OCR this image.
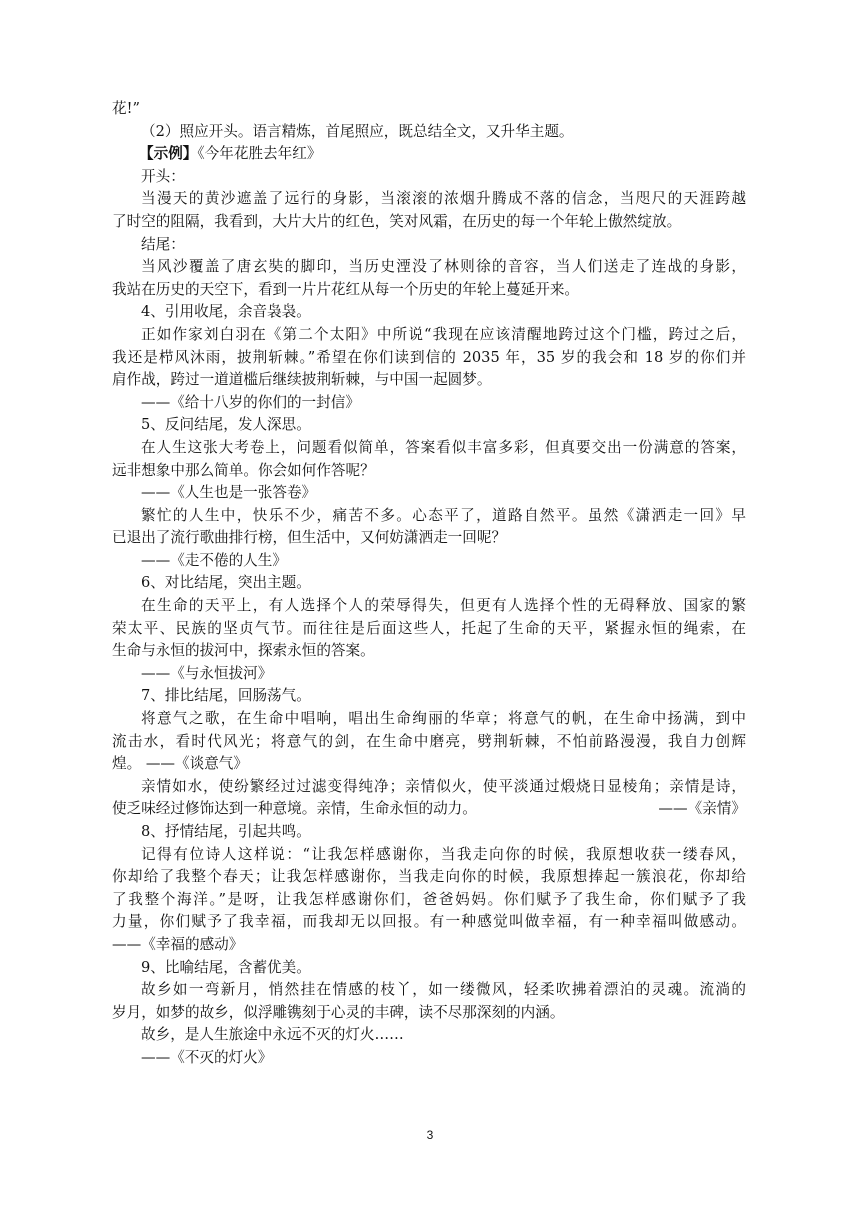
花!”
（2）照应开头。语言精炼，首尾照应，既总结全文，又升华主题。
【示例】《今年花胜去年红》
开头：
当漫天的黄沙遮盖了远行的身影，当滚滚的浓烟升腾成不落的信念，当咫尺的天涯跨越
了时空的阻隔，我看到，大片大片的红色，笑对风霜，在历史的每一个年轮上傲然绽放。
结尾：
当风沙覆盖了唐玄奘的脚印，当历史湮没了林则徐的音容，当人们送走了连战的身影，
我站在历史的天空下，看到一片片花红从每一个历史的年轮上蔓延开来。
4、引用收尾，余音袅袅。
正如作家刘白羽在《第二个太阳》中所说“我现在应该清醒地跨过这个门槛，跨过之后，
我还是栉风沐雨，披荆斩棘。”希望在你们读到信的 2035 年，35 岁的我会和 18 岁的你们并
肩作战，跨过一道道槛后继续披荆斩棘，与中国一起圆梦。
——《给十八岁的你们的一封信》
5、反问结尾，发人深思。
在人生这张大考卷上，问题看似简单，答案看似丰富多彩，但真要交出一份满意的答案，
远非想象中那么简单。你会如何作答呢？
——《人生也是一张答卷》
繁忙的人生中，快乐不少，痛苦不多。心态平了，道路自然平。虽然《潇洒走一回》早
已退出了流行歌曲排行榜，但生活中，又何妨潇洒走一回呢？
——《走不倦的人生》
6、对比结尾，突出主题。
在生命的天平上，有人选择个人的荣辱得失，但更有人选择个性的无碍释放、国家的繁
荣太平、民族的坚贞气节。而往往是后面这些人，托起了生命的天平，紧握永恒的绳索，在
生命与永恒的拔河中，探索永恒的答案。
——《与永恒拔河》
7、排比结尾，回肠荡气。
将意气之歌，在生命中唱响，唱出生命绚丽的华章；将意气的帆，在生命中扬满，到中
流击水，看时代风光；将意气的剑，在生命中磨亮，劈荆斩棘，不怕前路漫漫，我自力创辉
煌。 ——《谈意气》
亲情如水，使纷繁经过过滤变得纯净；亲情似火，使平淡通过煅烧日显棱角；亲情是诗，
使乏味经过修饰达到一种意境。亲情，生命永恒的动力。	——《亲情》
8、抒情结尾，引起共鸣。
记得有位诗人这样说：“让我怎样感谢你，当我走向你的时候，我原想收获一缕春风，
你却给了我整个春天；让我怎样感谢你，当我走向你的时候，我原想捧起一簇浪花，你却给
了我整个海洋。”是呀，让我怎样感谢你们，爸爸妈妈。你们赋予了我生命，你们赋予了我
力量，你们赋予了我幸福，而我却无以回报。有一种感觉叫做幸福，有一种幸福叫做感动。
——《幸福的感动》
9、比喻结尾，含蓄优美。
故乡如一弯新月，悄然挂在情感的枝丫，如一缕微风，轻柔吹拂着漂泊的灵魂。流淌的
岁月，如梦的故乡，似浮雕镌刻于心灵的丰碑，读不尽那深刻的内涵。
故乡，是人生旅途中永远不灭的灯火……
——《不灭的灯火》
3
